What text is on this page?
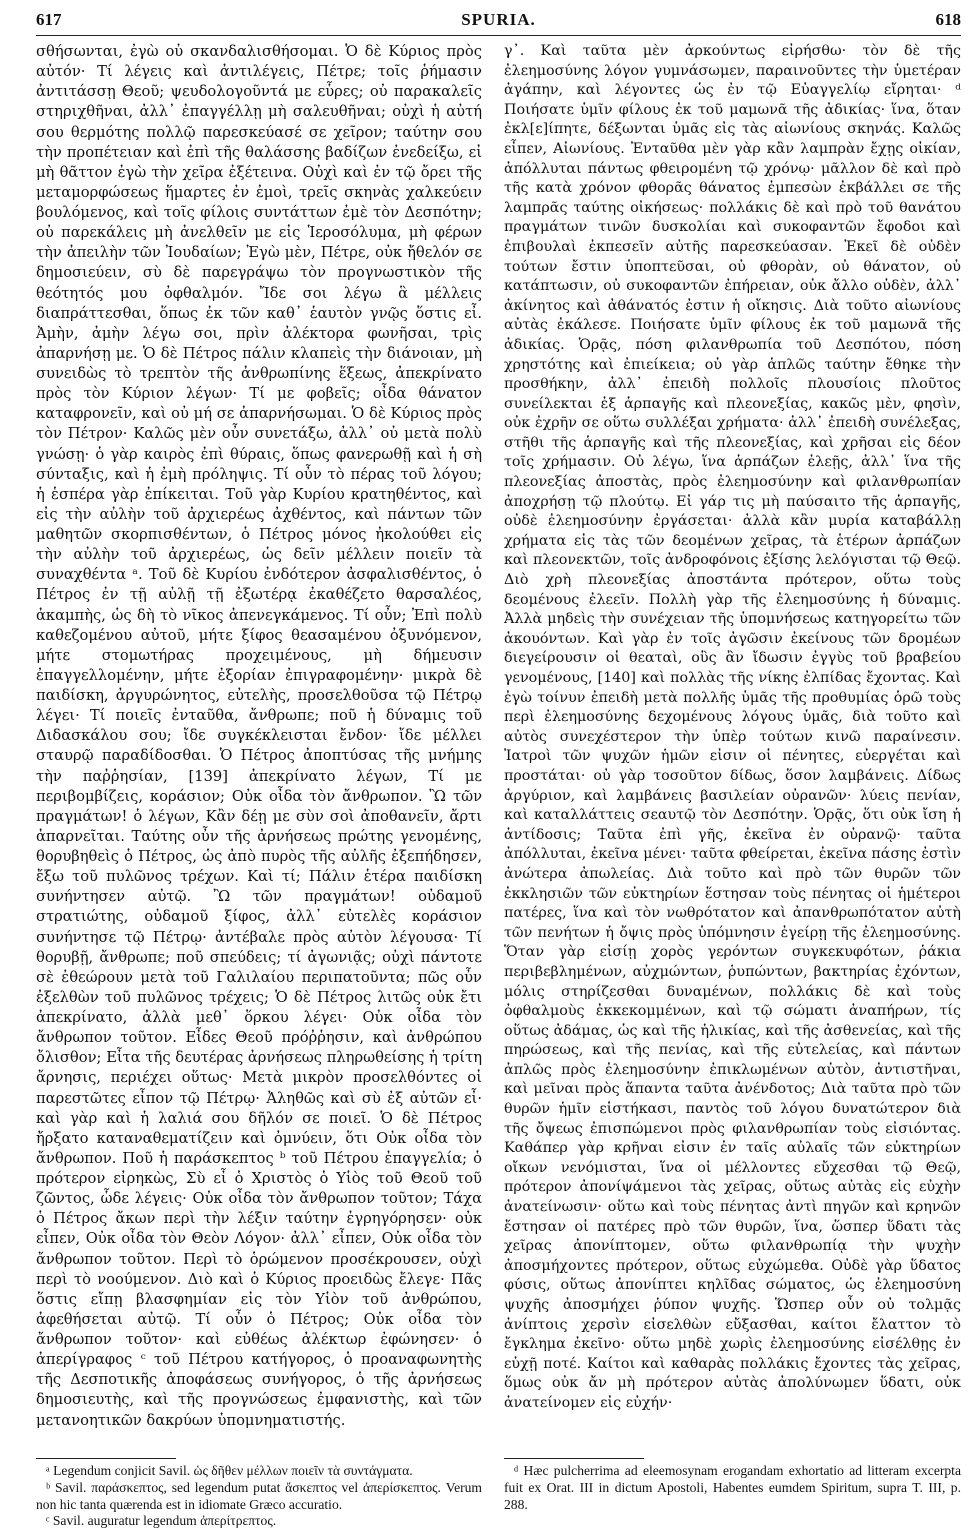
617	SPURIA.	618

σθήσωνται, ἐγὼ οὐ σκανδαλισθήσομαι. Ὁ δὲ Κύριος πρὸς αὐτόν· Τί λέγεις καὶ ἀντιλέγεις, Πέτρε; τοῖς ῥήμασιν ἀντιτάσσῃ Θεοῦ; ψευδολογοῦντά με εὗρες; οὐ παρακαλεῖς στηριχθῆναι, ἀλλ᾽ ἐπαγγέλλῃ μὴ σαλευθῆναι; οὐχὶ ἡ αὐτή σου θερμότης πολλῷ παρεσκεύασέ σε χεῖρον; ταύτην σου τὴν προπέτειαν καὶ ἐπὶ τῆς θαλάσσης βαδίζων ἐνεδείξω, εἰ μὴ θᾶττον ἐγὼ τὴν χεῖρα ἐξέτεινα. Οὐχὶ καὶ ἐν τῷ ὄρει τῆς μεταμορφώσεως ἥμαρτες ἐν ἐμοὶ, τρεῖς σκηνὰς χαλκεύειν βουλόμενος, καὶ τοῖς φίλοις συντάττων ἐμὲ τὸν Δεσπότην; οὐ παρεκάλεις μὴ ἀνελθεῖν με εἰς Ἱεροσόλυμα, μὴ φέρων τὴν ἀπειλὴν τῶν Ἰουδαίων; Ἐγὼ μὲν, Πέτρε, οὐκ ἤθελόν σε δημοσιεύειν, σὺ δὲ παρεγράψω τὸν προγνωστικὸν τῆς θεότητός μου ὀφθαλμόν. Ἴδε σοι λέγω ἃ μέλλεις διαπράττεσθαι, ὅπως ἐκ τῶν καθ᾽ ἑαυτὸν γνῷς ὅστις εἶ. Ἀμὴν, ἀμὴν λέγω σοι, πρὶν ἀλέκτορα φωνῆσαι, τρὶς ἀπαρνήσῃ με. Ὁ δὲ Πέτρος πάλιν κλαπεὶς τὴν διάνοιαν, μὴ συνειδὼς τὸ τρεπτὸν τῆς ἀνθρωπίνης ἕξεως, ἀπεκρίνατο πρὸς τὸν Κύριον λέγων· Τί με φοβεῖς; οἶδα θάνατον καταφρονεῖν, καὶ οὐ μή σε ἀπαρνήσωμαι. Ὁ δὲ Κύριος πρὸς τὸν Πέτρον· Καλῶς μὲν οὖν συνετάξω, ἀλλ᾽ οὐ μετὰ πολὺ γνώσῃ· ὁ γὰρ καιρὸς ἐπὶ θύραις, ὅπως φανερωθῇ καὶ ἡ σὴ σύνταξις, καὶ ἡ ἐμὴ πρόληψις. Τί οὖν τὸ πέρας τοῦ λόγου; ἡ ἑσπέρα γὰρ ἐπίκειται. Τοῦ γὰρ Κυρίου κρατηθέντος, καὶ εἰς τὴν αὐλὴν τοῦ ἀρχιερέως ἀχθέντος, καὶ πάντων τῶν μαθητῶν σκορπισθέντων, ὁ Πέτρος μόνος ἠκολούθει εἰς τὴν αὐλὴν τοῦ ἀρχιερέως, ὡς δεῖν μέλλειν ποιεῖν τὰ συναχθέντα ᵃ. Τοῦ δὲ Κυρίου ἐνδότερον ἀσφαλισθέντος, ὁ Πέτρος ἐν τῇ αὐλῇ τῇ ἐξωτέρᾳ ἐκαθέζετο θαρσαλέος, ἀκαμπὴς, ὡς δὴ τὸ νῖκος ἀπενεγκάμενος. Τί οὖν; Ἐπὶ πολὺ καθεζομένου αὐτοῦ, μήτε ξίφος θεασαμένου ὀξυνόμενον, μήτε στομωτήρας προχειμένους, μὴ δήμευσιν ἐπαγγελλομένην, μήτε ἐξορίαν ἐπιγραφομένην· μικρὰ δὲ παιδίσκη, ἀργυρώνητος, εὐτελὴς, προσελθοῦσα τῷ Πέτρῳ λέγει· Τί ποιεῖς ἐνταῦθα, ἄνθρωπε; ποῦ ἡ δύναμις τοῦ Διδασκάλου σου; ἴδε συγκέκλεισται ἔνδον· ἴδε μέλλει σταυρῷ παραδίδοσθαι. Ὁ Πέτρος ἀποπτύσας τῆς μνήμης τὴν παῤῥησίαν, [139] ἀπεκρίνατο λέγων, Τί με περιβομβίζεις, κοράσιον; Οὐκ οἶδα τὸν ἄνθρωπον. Ὢ τῶν πραγμάτων! ὁ λέγων, Κἂν δέῃ με σὺν σοὶ ἀποθανεῖν, ἄρτι ἀπαρνεῖται. Ταύτης οὖν τῆς ἀρνήσεως πρώτης γενομένης, θορυβηθεὶς ὁ Πέτρος, ὡς ἀπὸ πυρὸς τῆς αὐλῆς ἐξεπήδησεν, ἔξω τοῦ πυλῶνος τρέχων. Καὶ τί; Πάλιν ἑτέρα παιδίσκη συνήντησεν αὐτῷ. Ὢ τῶν πραγμάτων! οὐδαμοῦ στρατιώτης, οὐδαμοῦ ξίφος, ἀλλ᾽ εὐτελὲς κοράσιον συνήντησε τῷ Πέτρῳ· ἀντέβαλε πρὸς αὐτὸν λέγουσα· Τί θορυβῇ, ἄνθρωπε; ποῦ σπεύδεις; τί ἀγωνιᾷς; οὐχὶ πάντοτε σὲ ἐθεώρουν μετὰ τοῦ Γαλιλαίου περιπατοῦντα; πῶς οὖν ἐξελθὼν τοῦ πυλῶνος τρέχεις; Ὁ δὲ Πέτρος λιτῶς οὐκ ἔτι ἀπεκρίνατο, ἀλλὰ μεθ᾽ ὅρκου λέγει· Οὐκ οἶδα τὸν ἄνθρωπον τοῦτον. Εἶδες Θεοῦ πρόῤῥησιν, καὶ ἀνθρώπου ὄλισθον; Εἶτα τῆς δευτέρας ἀρνήσεως πληρωθείσης ἡ τρίτη ἄρνησις, περιέχει οὕτως· Μετὰ μικρὸν προσελθόντες οἱ παρεστῶτες εἶπον τῷ Πέτρῳ· Ἀληθῶς καὶ σὺ ἐξ αὐτῶν εἶ· καὶ γὰρ καὶ ἡ λαλιά σου δῆλόν σε ποιεῖ. Ὁ δὲ Πέτρος ἤρξατο καταναθεματίζειν καὶ ὀμνύειν, ὅτι Οὐκ οἶδα τὸν ἄνθρωπον. Ποῦ ἡ παράσκεπτος ᵇ τοῦ Πέτρου ἐπαγγελία; ὁ πρότερον εἰρηκὼς, Σὺ εἶ ὁ Χριστὸς ὁ Υἱὸς τοῦ Θεοῦ τοῦ ζῶντος, ὧδε λέγεις· Οὐκ οἶδα τὸν ἄνθρωπον τοῦτον; Τάχα ὁ Πέτρος ἄκων περὶ τὴν λέξιν ταύτην ἐγρηγόρησεν· οὐκ εἶπεν, Οὐκ οἶδα τὸν Θεὸν Λόγον· ἀλλ᾽ εἶπεν, Οὐκ οἶδα τὸν ἄνθρωπον τοῦτον. Περὶ τὸ ὁρώμενον προσέκρουσεν, οὐχὶ περὶ τὸ νοούμενον. Διὸ καὶ ὁ Κύριος προειδὼς ἔλεγε· Πᾶς ὅστις εἴπῃ βλασφημίαν εἰς τὸν Υἱὸν τοῦ ἀνθρώπου, ἀφεθήσεται αὐτῷ. Τί οὖν ὁ Πέτρος; Οὐκ οἶδα τὸν ἄνθρωπον τοῦτον· καὶ εὐθέως ἀλέκτωρ ἐφώνησεν· ὁ ἀπερίγραφος ᶜ τοῦ Πέτρου κατήγορος, ὁ προαναφωνητὴς τῆς Δεσποτικῆς ἀποφάσεως συνήγορος, ὁ τῆς ἀρνήσεως δημοσιευτὴς, καὶ τῆς προγνώσεως ἐμφανιστὴς, καὶ τῶν μετανοητικῶν δακρύων ὑπομνηματιστής.

γ᾽. Καὶ ταῦτα μὲν ἀρκούντως εἰρήσθω· τὸν δὲ τῆς ἐλεημοσύνης λόγον γυμνάσωμεν, παραινοῦντες τὴν ὑμετέραν ἀγάπην, καὶ λέγοντες ὡς ἐν τῷ Εὐαγγελίῳ εἴρηται· ᵈ Ποιήσατε ὑμῖν φίλους ἐκ τοῦ μαμωνᾶ τῆς ἀδικίας· ἵνα, ὅταν ἐκλ[ε]ίπητε, δέξωνται ὑμᾶς εἰς τὰς αἰωνίους σκηνάς. Καλῶς εἶπεν, Αἰωνίους. Ἐνταῦθα μὲν γὰρ κἂν λαμπρὰν ἔχῃς οἰκίαν, ἀπόλλυται πάντως φθειρομένη τῷ χρόνῳ· μᾶλλον δὲ καὶ πρὸ τῆς κατὰ χρόνον φθορᾶς θάνατος ἐμπεσὼν ἐκβάλλει σε τῆς λαμπρᾶς ταύτης οἰκήσεως· πολλάκις δὲ καὶ πρὸ τοῦ θανάτου πραγμάτων τινῶν δυσκολίαι καὶ συκοφαντῶν ἔφοδοι καὶ ἐπιβουλαὶ ἐκπεσεῖν αὐτῆς παρεσκεύασαν. Ἐκεῖ δὲ οὐδὲν τούτων ἔστιν ὑποπτεῦσαι, οὐ φθορὰν, οὐ θάνατον, οὐ κατάπτωσιν, οὐ συκοφαντῶν ἐπήρειαν, οὐκ ἄλλο οὐδὲν, ἀλλ᾽ ἀκίνητος καὶ ἀθάνατός ἐστιν ἡ οἴκησις. Διὰ τοῦτο αἰωνίους αὐτὰς ἐκάλεσε. Ποιήσατε ὑμῖν φίλους ἐκ τοῦ μαμωνᾶ τῆς ἀδικίας. Ὁρᾷς, πόση φιλανθρωπία τοῦ Δεσπότου, πόση χρηστότης καὶ ἐπιείκεια; οὐ γὰρ ἁπλῶς ταύτην ἔθηκε τὴν προσθήκην, ἀλλ᾽ ἐπειδὴ πολλοῖς πλουσίοις πλοῦτος συνείλεκται ἐξ ἁρπαγῆς καὶ πλεονεξίας, κακῶς μὲν, φησὶν, οὐκ ἐχρῆν σε οὕτω συλλέξαι χρήματα· ἀλλ᾽ ἐπειδὴ συνέλεξας, στῆθι τῆς ἁρπαγῆς καὶ τῆς πλεονεξίας, καὶ χρῆσαι εἰς δέον τοῖς χρήμασιν. Οὐ λέγω, ἵνα ἁρπάζων ἐλεῇς, ἀλλ᾽ ἵνα τῆς πλεονεξίας ἀποστὰς, πρὸς ἐλεημοσύνην καὶ φιλανθρωπίαν ἀποχρήσῃ τῷ πλούτῳ. Εἰ γάρ τις μὴ παύσαιτο τῆς ἁρπαγῆς, οὐδὲ ἐλεημοσύνην ἐργάσεται· ἀλλὰ κἂν μυρία καταβάλλῃ χρήματα εἰς τὰς τῶν δεομένων χεῖρας, τὰ ἑτέρων ἁρπάζων καὶ πλεονεκτῶν, τοῖς ἀνδροφόνοις ἐξίσης λελόγισται τῷ Θεῷ. Διὸ χρὴ πλεονεξίας ἀποστάντα πρότερον, οὕτω τοὺς δεομένους ἐλεεῖν. Πολλὴ γὰρ τῆς ἐλεημοσύνης ἡ δύναμις. Ἀλλὰ μηδεὶς τὴν συνέχειαν τῆς ὑπομνήσεως κατηγορείτω τῶν ἀκουόντων. Καὶ γὰρ ἐν τοῖς ἀγῶσιν ἐκείνους τῶν δρομέων διεγείρουσιν οἱ θεαταὶ, οὓς ἂν ἴδωσιν ἐγγὺς τοῦ βραβείου γενομένους, [140] καὶ πολλὰς τῆς νίκης ἐλπίδας ἔχοντας. Καὶ ἐγὼ τοίνυν ἐπειδὴ μετὰ πολλῆς ὑμᾶς τῆς προθυμίας ὁρῶ τοὺς περὶ ἐλεημοσύνης δεχομένους λόγους ὑμᾶς, διὰ τοῦτο καὶ αὐτὸς συνεχέστερον τὴν ὑπὲρ τούτων κινῶ παραίνεσιν. Ἰατροὶ τῶν ψυχῶν ἡμῶν εἰσιν οἱ πένητες, εὐεργέται καὶ προστάται· οὐ γὰρ τοσοῦτον δίδως, ὅσον λαμβάνεις. Δίδως ἀργύριον, καὶ λαμβάνεις βασιλείαν οὐρανῶν· λύεις πενίαν, καὶ καταλλάττεις σεαυτῷ τὸν Δεσπότην. Ὁρᾷς, ὅτι οὐκ ἴση ἡ ἀντίδοσις; Ταῦτα ἐπὶ γῆς, ἐκεῖνα ἐν οὐρανῷ· ταῦτα ἀπόλλυται, ἐκεῖνα μένει· ταῦτα φθείρεται, ἐκεῖνα πάσης ἐστὶν ἀνώτερα ἀπωλείας. Διὰ τοῦτο καὶ πρὸ τῶν θυρῶν τῶν ἐκκλησιῶν τῶν εὐκτηρίων ἕστησαν τοὺς πένητας οἱ ἡμέτεροι πατέρες, ἵνα καὶ τὸν νωθρότατον καὶ ἀπανθρωπότατον αὐτὴ τῶν πενήτων ἡ ὄψις πρὸς ὑπόμνησιν ἐγείρῃ τῆς ἐλεημοσύνης. Ὅταν γὰρ εἰσίῃ χορὸς γερόντων συγκεκυφότων, ῥάκια περιβεβλημένων, αὐχμώντων, ῥυπώντων, βακτηρίας ἐχόντων, μόλις στηρίζεσθαι δυναμένων, πολλάκις δὲ καὶ τοὺς ὀφθαλμοὺς ἐκκεκομμένων, καὶ τῷ σώματι ἀναπήρων, τίς οὕτως ἀδάμας, ὡς καὶ τῆς ἡλικίας, καὶ τῆς ἀσθενείας, καὶ τῆς πηρώσεως, καὶ τῆς πενίας, καὶ τῆς εὐτελείας, καὶ πάντων ἁπλῶς πρὸς ἐλεημοσύνην ἐπικλωμένων αὐτὸν, ἀντιστῆναι, καὶ μεῖναι πρὸς ἅπαντα ταῦτα ἀνένδοτος; Διὰ ταῦτα πρὸ τῶν θυρῶν ἡμῖν εἱστήκασι, παντὸς τοῦ λόγου δυνατώτερον διὰ τῆς ὄψεως ἐπισπώμενοι πρὸς φιλανθρωπίαν τοὺς εἰσιόντας. Καθάπερ γὰρ κρῆναι εἰσιν ἐν ταῖς αὐλαῖς τῶν εὐκτηρίων οἴκων νενόμισται, ἵνα οἱ μέλλοντες εὔχεσθαι τῷ Θεῷ, πρότερον ἀπονίψάμενοι τὰς χεῖρας, οὕτως αὐτὰς εἰς εὐχὴν ἀνατείνωσιν· οὕτω καὶ τοὺς πένητας ἀντὶ πηγῶν καὶ κρηνῶν ἔστησαν οἱ πατέρες πρὸ τῶν θυρῶν, ἵνα, ὥσπερ ὕδατι τὰς χεῖρας ἀπονίπτομεν, οὕτω φιλανθρωπίᾳ τὴν ψυχὴν ἀποσμήχοντες πρότερον, οὕτως εὐχώμεθα. Οὐδὲ γὰρ ὕδατος φύσις, οὕτως ἀπονίπτει κηλῖδας σώματος, ὡς ἐλεημοσύνη ψυχῆς ἀποσμήχει ῥύπον ψυχῆς. Ὥσπερ οὖν οὐ τολμᾷς ἀνίπτοις χερσὶν εἰσελθὼν εὔξασθαι, καίτοι ἔλαττον τὸ ἔγκλημα ἐκεῖνο· οὕτω μηδὲ χωρὶς ἐλεημοσύνης εἰσέλθῃς ἐν εὐχῇ ποτέ. Καίτοι καὶ καθαρὰς πολλάκις ἔχοντες τὰς χεῖρας, ὅμως οὐκ ἄν μὴ πρότερον αὐτὰς ἀπολύνωμεν ὕδατι, οὐκ ἀνατείνομεν εἰς εὐχήν·

ᵃ Legendum conjicit Savil. ὡς δῆθεν μέλλων ποιεῖν τὰ συντάγματα.

ᵇ Savil. παράσκεπτος, sed legendum putat ἄσκεπτος vel ἀπερίσκεπτος. Verum non hic tanta quærenda est in idiomate Græco accuratio.

ᶜ Savil. auguratur legendum ἀπερίτρεπτος.

ᵈ Hæc pulcherrima ad eleemosynam erogandam exhortatio ad litteram excerpta fuit ex Orat. III in dictum Apostoli, Habentes eumdem Spiritum, supra T. III, p. 288.
